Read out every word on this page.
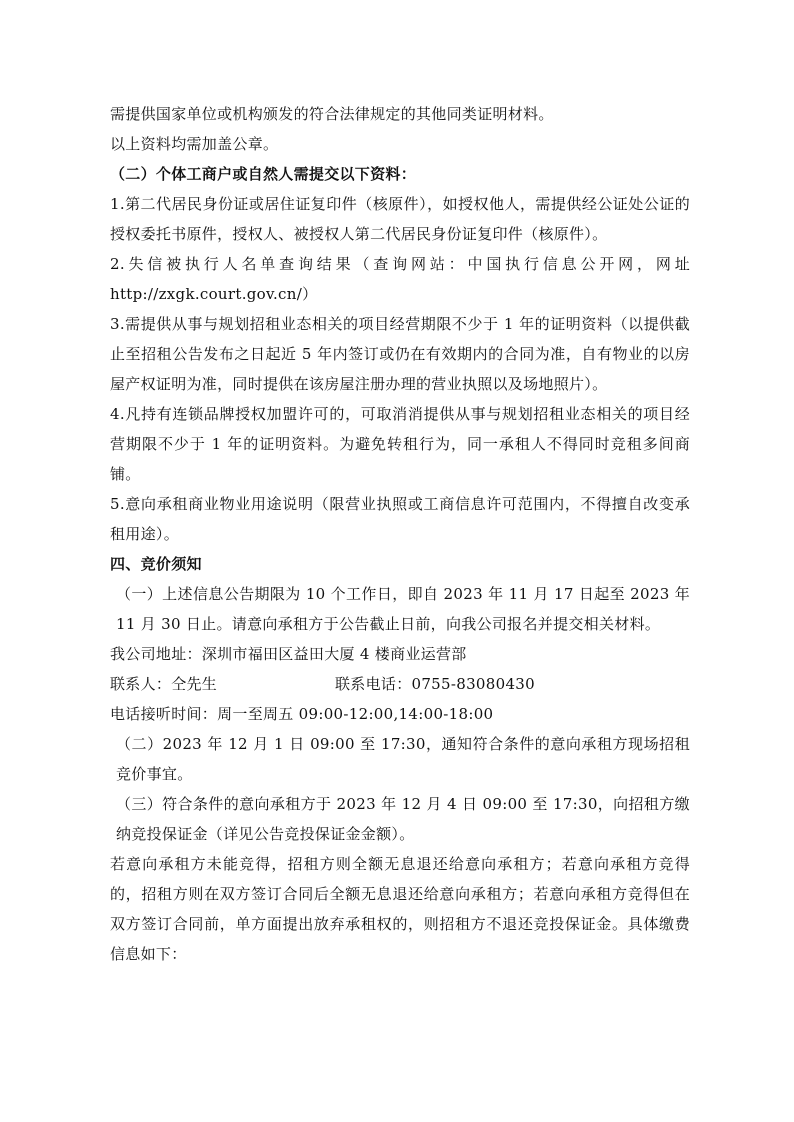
需提供国家单位或机构颁发的符合法律规定的其他同类证明材料。

以上资料均需加盖公章。

（二）个体工商户或自然人需提交以下资料：

1.第二代居民身份证或居住证复印件（核原件），如授权他人，需提供经公证处公证的授权委托书原件，授权人、被授权人第二代居民身份证复印件（核原件）。

2.失信被执行人名单查询结果（查询网站：中国执行信息公开网，网址http://zxgk.court.gov.cn/）

3.需提供从事与规划招租业态相关的项目经营期限不少于 1 年的证明资料（以提供截止至招租公告发布之日起近 5 年内签订或仍在有效期内的合同为准，自有物业的以房屋产权证明为准，同时提供在该房屋注册办理的营业执照以及场地照片）。

4.凡持有连锁品牌授权加盟许可的，可取消消提供从事与规划招租业态相关的项目经营期限不少于 1 年的证明资料。为避免转租行为，同一承租人不得同时竞租多间商铺。

5.意向承租商业物业用途说明（限营业执照或工商信息许可范围内，不得擅自改变承租用途）。

四、竞价须知

（一）上述信息公告期限为 10 个工作日，即自 2023 年 11 月 17 日起至 2023 年 11 月 30 日止。请意向承租方于公告截止日前，向我公司报名并提交相关材料。

我公司地址：深圳市福田区益田大厦 4 楼商业运营部

联系人：仝先生	联系电话：0755-83080430

电话接听时间：周一至周五 09:00-12:00,14:00-18:00

（二）2023 年 12 月 1 日 09:00 至 17:30，通知符合条件的意向承租方现场招租竞价事宜。

（三）符合条件的意向承租方于 2023 年 12 月 4 日 09:00 至 17:30，向招租方缴纳竞投保证金（详见公告竞投保证金金额）。

若意向承租方未能竞得，招租方则全额无息退还给意向承租方；若意向承租方竞得的，招租方则在双方签订合同后全额无息退还给意向承租方；若意向承租方竞得但在双方签订合同前，单方面提出放弃承租权的，则招租方不退还竞投保证金。具体缴费信息如下：
